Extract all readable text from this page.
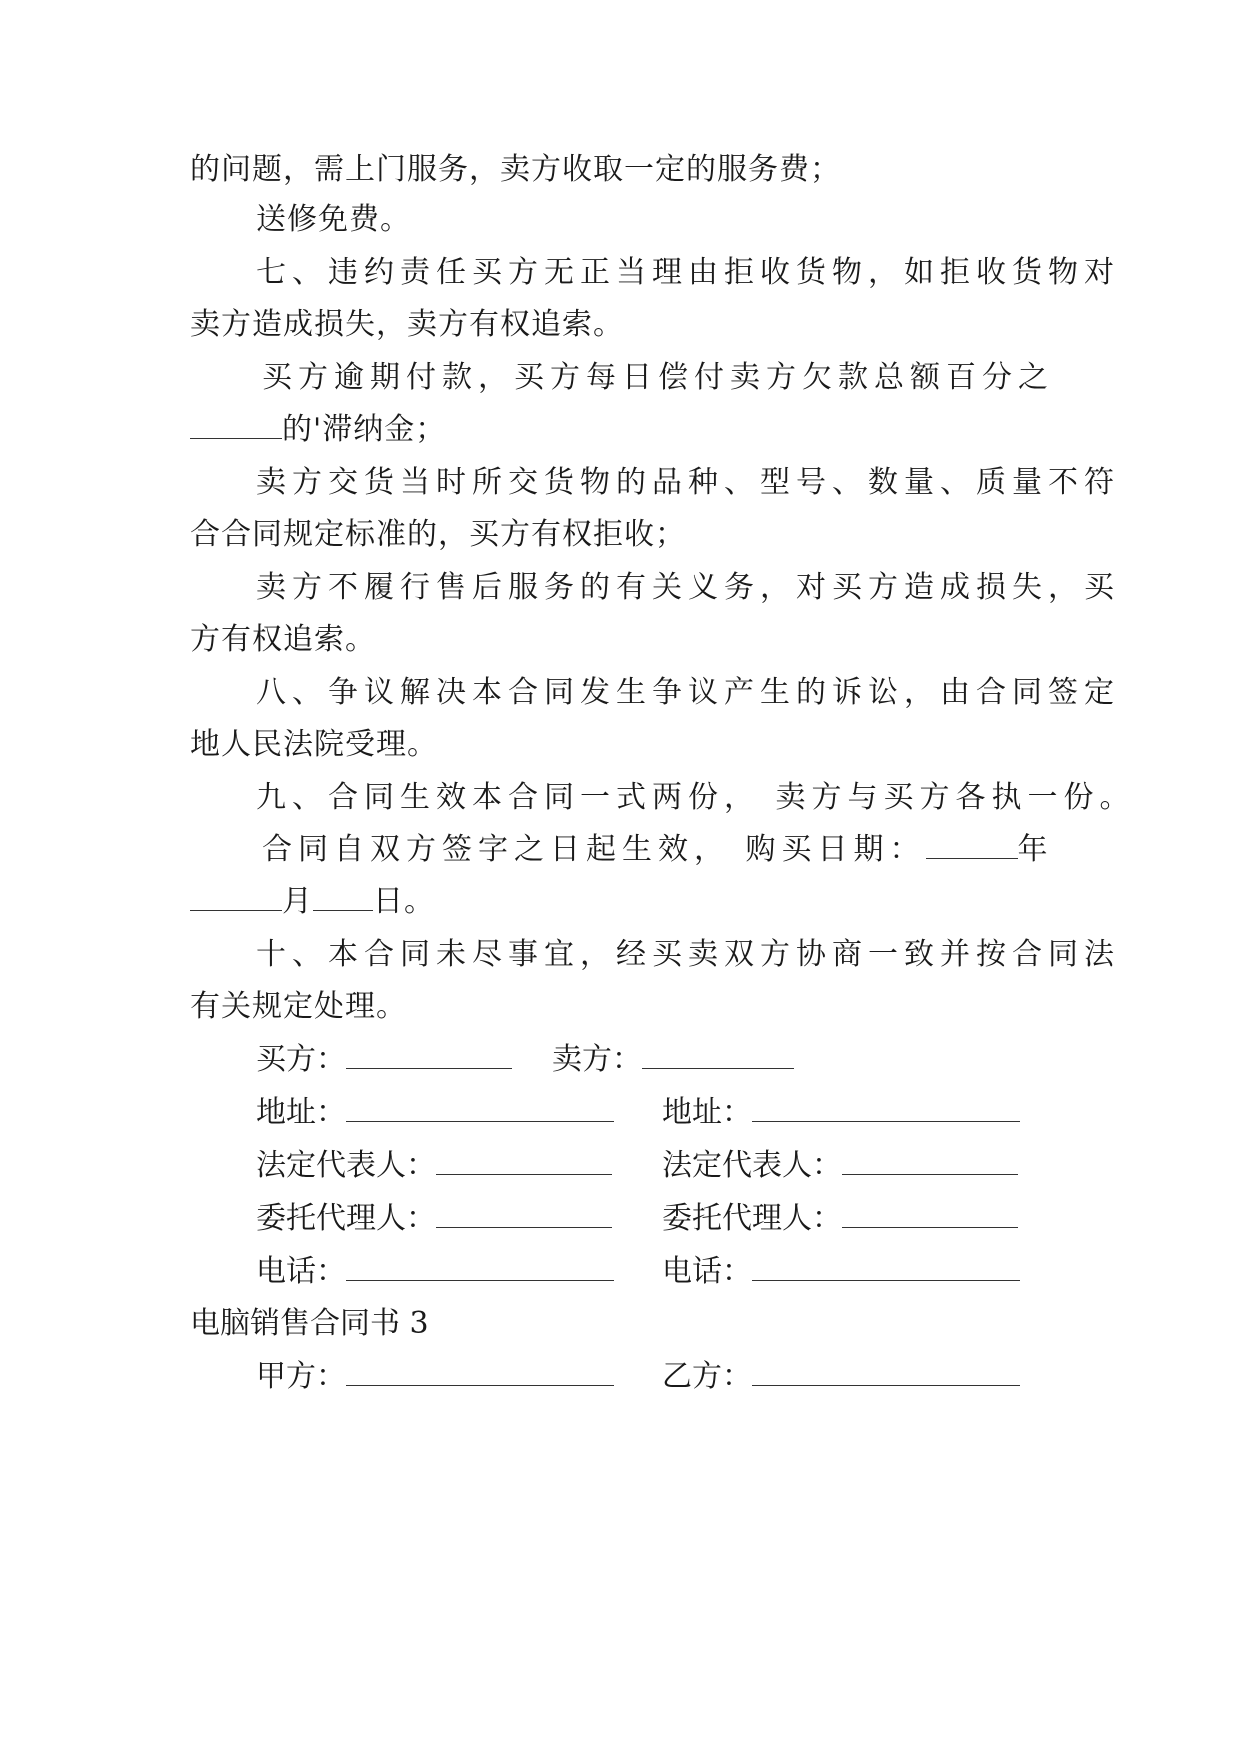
的问题，需上门服务，卖方收取一定的服务费；
送修免费。
七、违约责任买方无正当理由拒收货物，如拒收货物对
卖方造成损失，卖方有权追索。
买方逾期付款，买方每日偿付卖方欠款总额百分之
的'滞纳金；
卖方交货当时所交货物的品种、型号、数量、质量不符
合合同规定标准的，买方有权拒收；
卖方不履行售后服务的有关义务，对买方造成损失，买
方有权追索。
八、争议解决本合同发生争议产生的诉讼，由合同签定
地人民法院受理。
九、合同生效本合同一式两份， 卖方与买方各执一份。
合同自双方签字之日起生效， 购买日期：	年
月 日。
十、本合同未尽事宜，经买卖双方协商一致并按合同法
有关规定处理。
买方：	卖方：
地址：	地址：
法定代表人：	法定代表人：
委托代理人：	委托代理人：
电话：	电话：
电脑销售合同书 3
甲方：	乙方：
